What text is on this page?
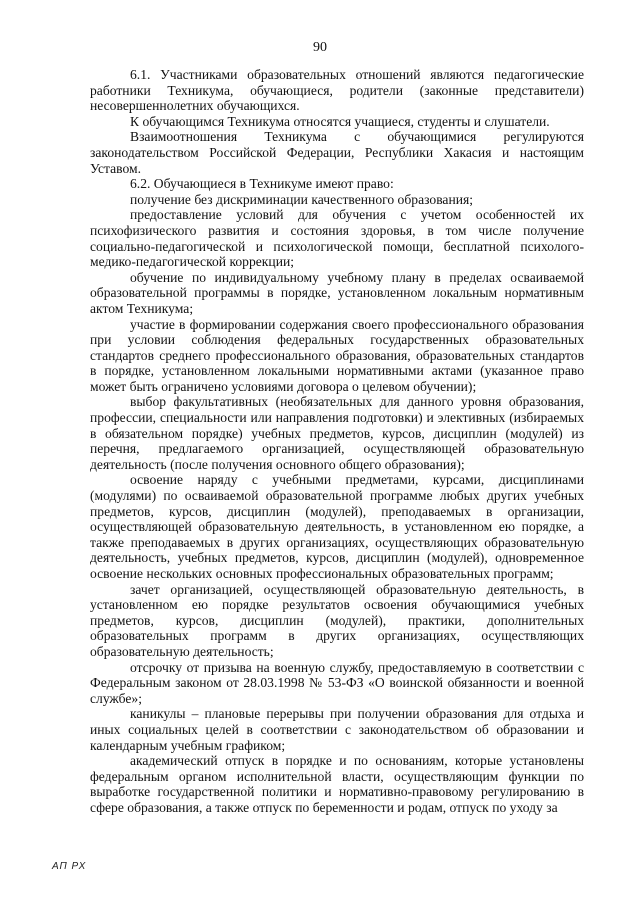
90

6.1. Участниками образовательных отношений являются педагогические работники Техникума, обучающиеся, родители (законные представители) несовершеннолетних обучающихся.

К обучающимся Техникума относятся учащиеся, студенты и слушатели.

Взаимоотношения Техникума с обучающимися регулируются законодательством Российской Федерации, Республики Хакасия и настоящим Уставом.

6.2. Обучающиеся в Техникуме имеют право:

получение без дискриминации качественного образования;

предоставление условий для обучения с учетом особенностей их психофизического развития и состояния здоровья, в том числе получение социально-педагогической и психологической помощи, бесплатной психолого-медико-педагогической коррекции;

обучение по индивидуальному учебному плану в пределах осваиваемой образовательной программы в порядке, установленном локальным нормативным актом Техникума;

участие в формировании содержания своего профессионального образования при условии соблюдения федеральных государственных образовательных стандартов среднего профессионального образования, образовательных стандартов в порядке, установленном локальными нормативными актами (указанное право может быть ограничено условиями договора о целевом обучении);

выбор факультативных (необязательных для данного уровня образования, профессии, специальности или направления подготовки) и элективных (избираемых в обязательном порядке) учебных предметов, курсов, дисциплин (модулей) из перечня, предлагаемого организацией, осуществляющей образовательную деятельность (после получения основного общего образования);

освоение наряду с учебными предметами, курсами, дисциплинами (модулями) по осваиваемой образовательной программе любых других учебных предметов, курсов, дисциплин (модулей), преподаваемых в организации, осуществляющей образовательную деятельность, в установленном ею порядке, а также преподаваемых в других организациях, осуществляющих образовательную деятельность, учебных предметов, курсов, дисциплин (модулей), одновременное освоение нескольких основных профессиональных образовательных программ;

зачет организацией, осуществляющей образовательную деятельность, в установленном ею порядке результатов освоения обучающимися учебных предметов, курсов, дисциплин (модулей), практики, дополнительных образовательных программ в других организациях, осуществляющих образовательную деятельность;

отсрочку от призыва на военную службу, предоставляемую в соответствии с Федеральным законом от 28.03.1998 № 53-ФЗ «О воинской обязанности и военной службе»;

каникулы – плановые перерывы при получении образования для отдыха и иных социальных целей в соответствии с законодательством об образовании и календарным учебным графиком;

академический отпуск в порядке и по основаниям, которые установлены федеральным органом исполнительной власти, осуществляющим функции по выработке государственной политики и нормативно-правовому регулированию в сфере образования, а также отпуск по беременности и родам, отпуск по уходу за

АП РХ
